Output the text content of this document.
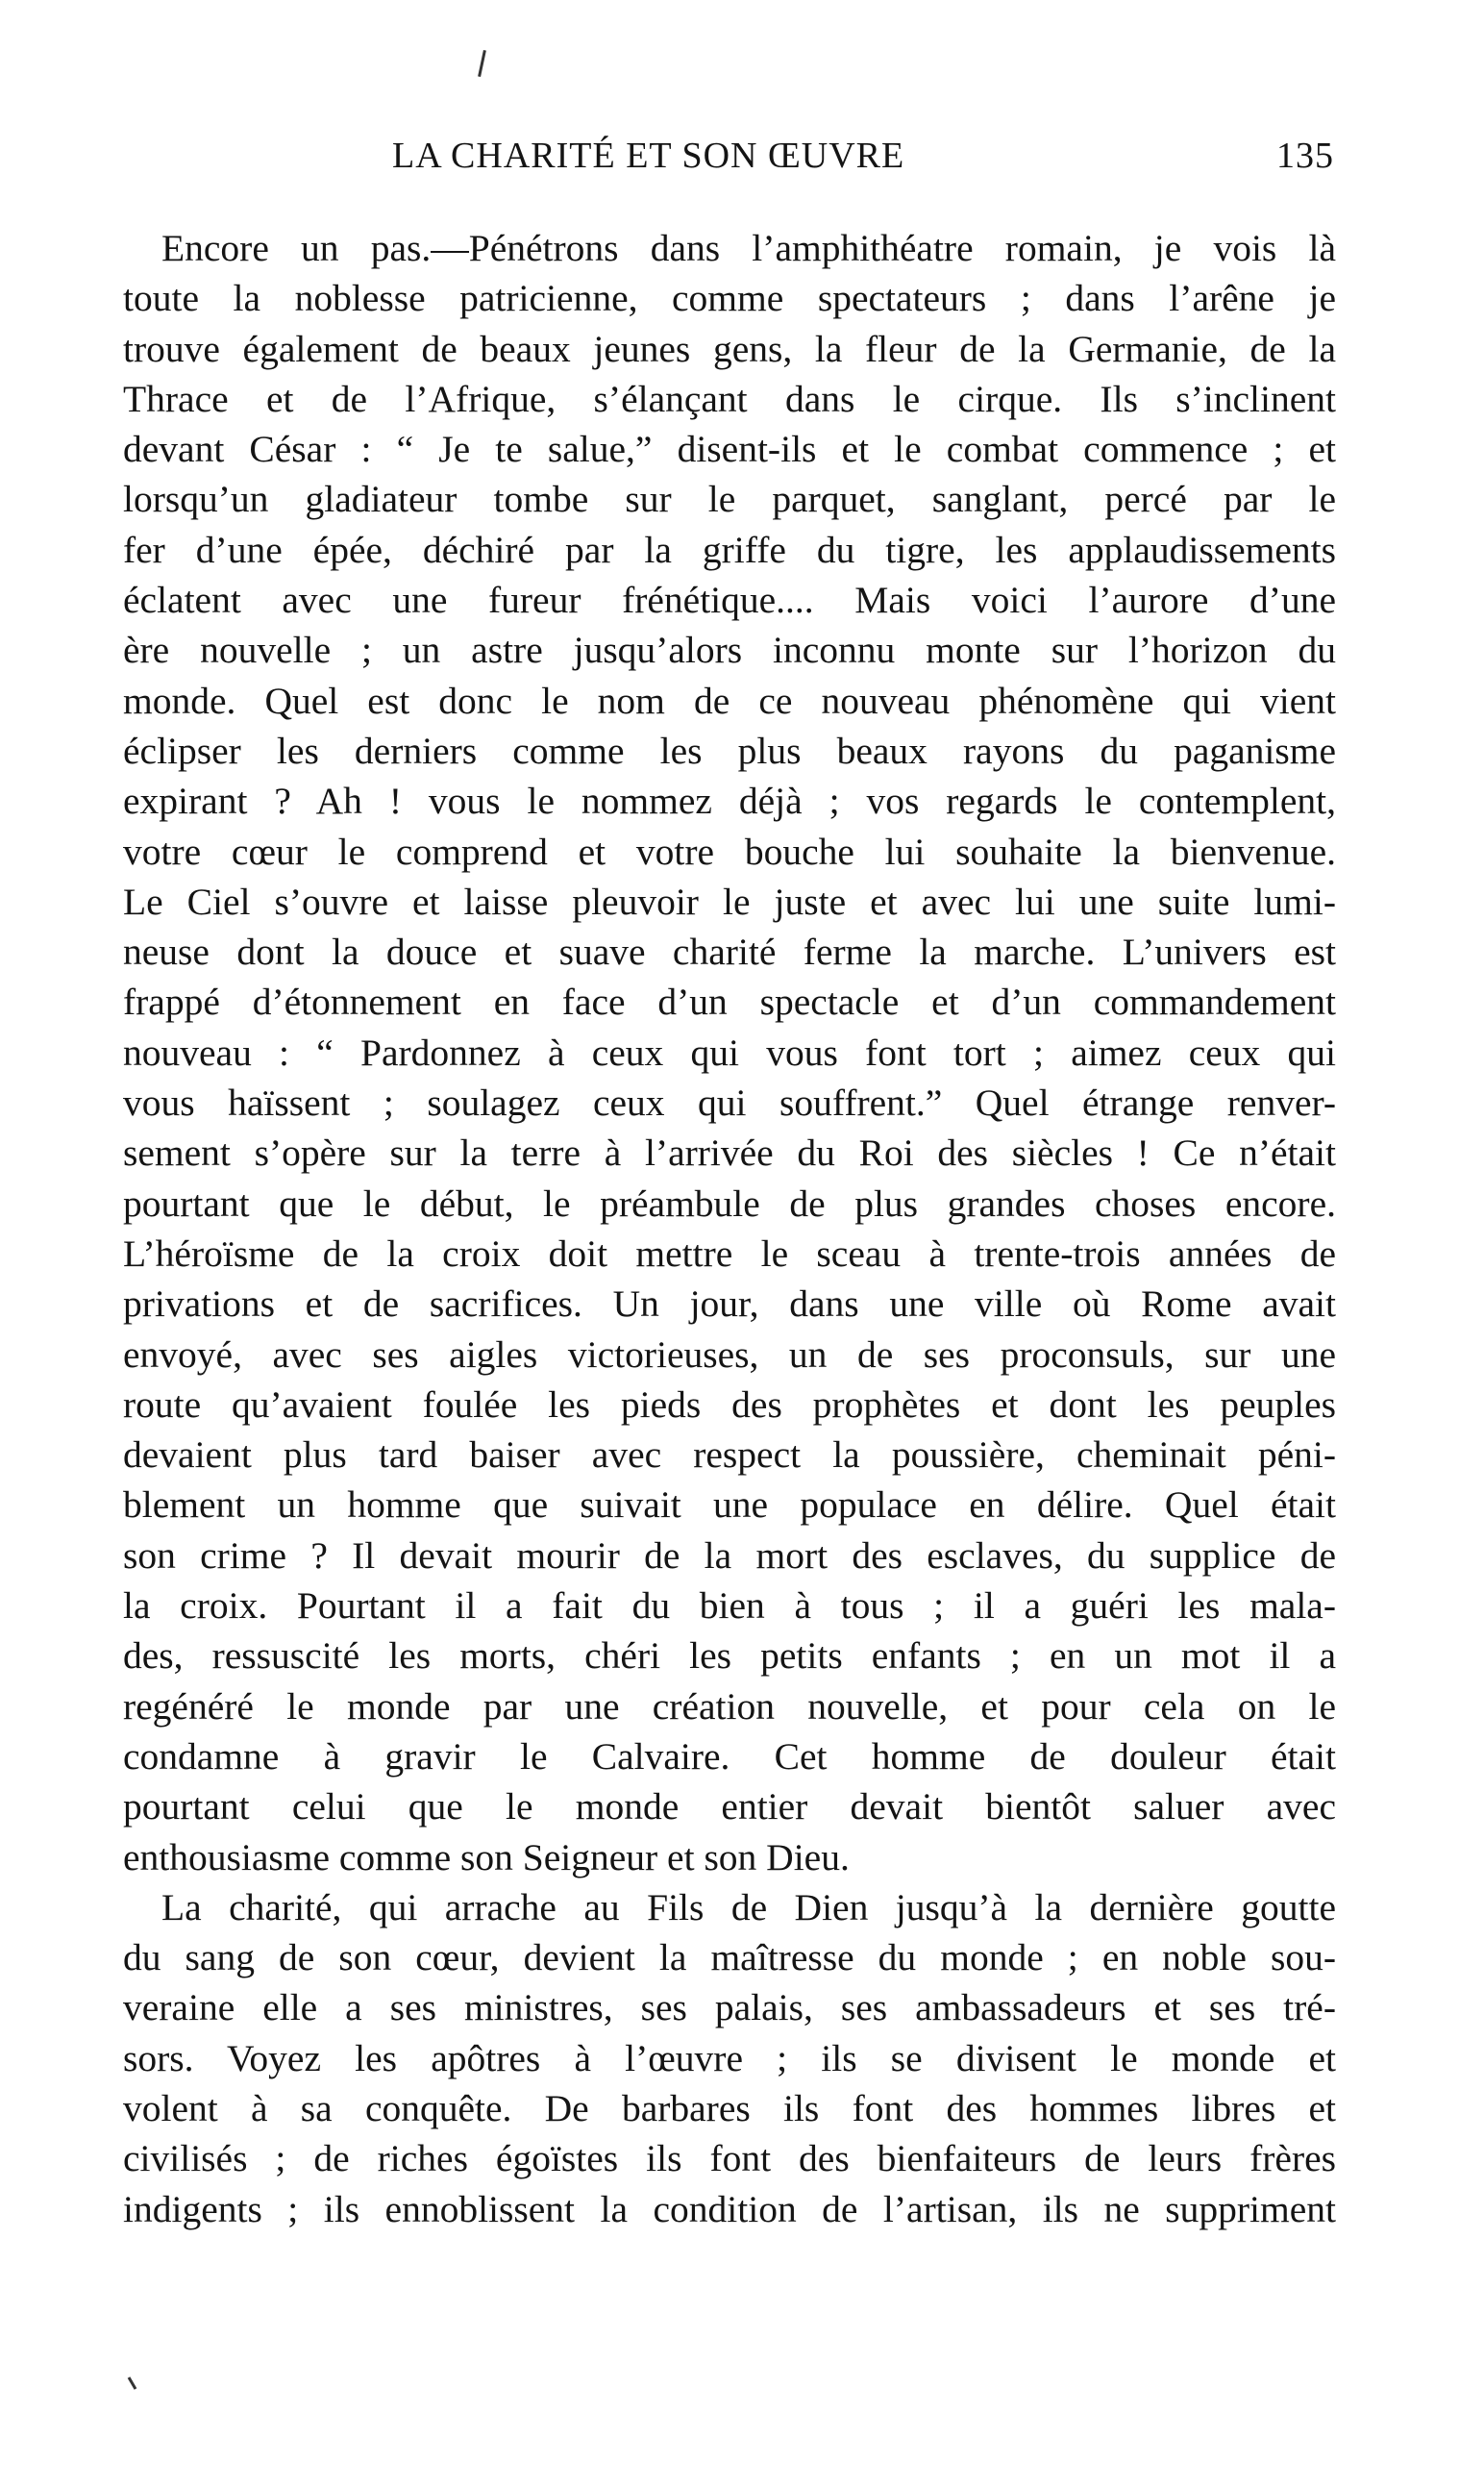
LA CHARITÉ ET SON ŒUVRE	135
Encore un pas.—Pénétrons dans l’amphithéatre romain, je vois là
toute la noblesse patricienne, comme spectateurs ; dans l’arêne je
trouve également de beaux jeunes gens, la fleur de la Germanie, de la
Thrace et de l’Afrique, s’élançant dans le cirque. Ils s’inclinent
devant César : “ Je te salue,” disent-ils et le combat commence ; et
lorsqu’un gladiateur tombe sur le parquet, sanglant, percé par le
fer d’une épée, déchiré par la griffe du tigre, les applaudissements
éclatent avec une fureur frénétique.... Mais voici l’aurore d’une
ère nouvelle ; un astre jusqu’alors inconnu monte sur l’horizon du
monde. Quel est donc le nom de ce nouveau phénomène qui vient
éclipser les derniers comme les plus beaux rayons du paganisme
expirant ? Ah ! vous le nommez déjà ; vos regards le contemplent,
votre cœur le comprend et votre bouche lui souhaite la bienvenue.
Le Ciel s’ouvre et laisse pleuvoir le juste et avec lui une suite lumi-
neuse dont la douce et suave charité ferme la marche. L’univers est
frappé d’étonnement en face d’un spectacle et d’un commandement
nouveau : “ Pardonnez à ceux qui vous font tort ; aimez ceux qui
vous haïssent ; soulagez ceux qui souffrent.” Quel étrange renver-
sement s’opère sur la terre à l’arrivée du Roi des siècles ! Ce n’était
pourtant que le début, le préambule de plus grandes choses encore.
L’héroïsme de la croix doit mettre le sceau à trente-trois années de
privations et de sacrifices. Un jour, dans une ville où Rome avait
envoyé, avec ses aigles victorieuses, un de ses proconsuls, sur une
route qu’avaient foulée les pieds des prophètes et dont les peuples
devaient plus tard baiser avec respect la poussière, cheminait péni-
blement un homme que suivait une populace en délire. Quel était
son crime ? Il devait mourir de la mort des esclaves, du supplice de
la croix. Pourtant il a fait du bien à tous ; il a guéri les mala-
des, ressuscité les morts, chéri les petits enfants ; en un mot il a
regénéré le monde par une création nouvelle, et pour cela on le
condamne à gravir le Calvaire. Cet homme de douleur était
pourtant celui que le monde entier devait bientôt saluer avec
enthousiasme comme son Seigneur et son Dieu.
La charité, qui arrache au Fils de Dien jusqu’à la dernière goutte
du sang de son cœur, devient la maîtresse du monde ; en noble sou-
veraine elle a ses ministres, ses palais, ses ambassadeurs et ses tré-
sors. Voyez les apôtres à l’œuvre ; ils se divisent le monde et
volent à sa conquête. De barbares ils font des hommes libres et
civilisés ; de riches égoïstes ils font des bienfaiteurs de leurs frères
indigents ; ils ennoblissent la condition de l’artisan, ils ne suppriment
